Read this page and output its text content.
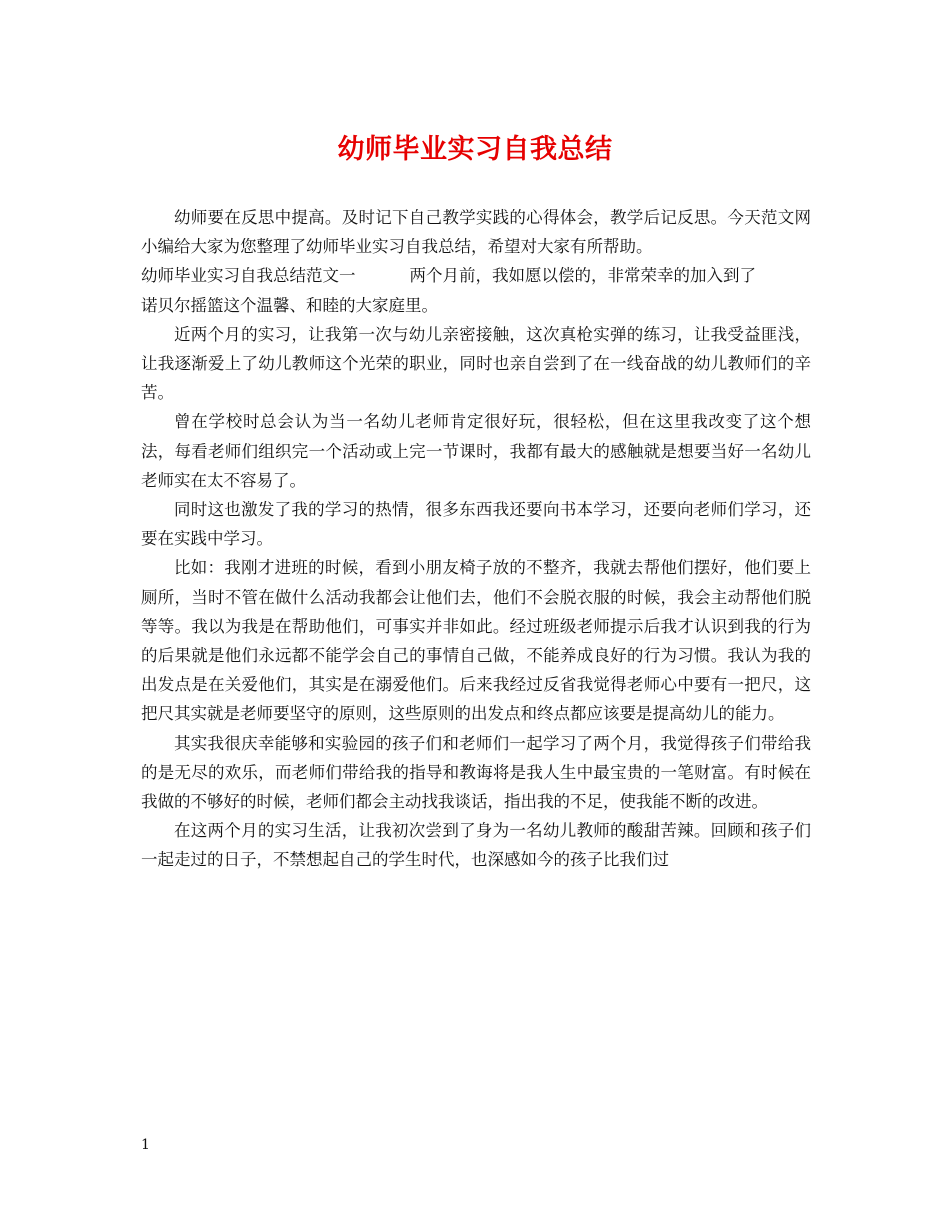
幼师毕业实习自我总结

幼师要在反思中提高。及时记下自己教学实践的心得体会，教学后记反思。今天范文网小编给大家为您整理了幼师毕业实习自我总结，希望对大家有所帮助。

幼师毕业实习自我总结范文一	两个月前，我如愿以偿的，非常荣幸的加入到了

诺贝尔摇篮这个温馨、和睦的大家庭里。

近两个月的实习，让我第一次与幼儿亲密接触，这次真枪实弹的练习，让我受益匪浅，让我逐渐爱上了幼儿教师这个光荣的职业，同时也亲自尝到了在一线奋战的幼儿教师们的辛苦。

曾在学校时总会认为当一名幼儿老师肯定很好玩，很轻松，但在这里我改变了这个想法，每看老师们组织完一个活动或上完一节课时，我都有最大的感触就是想要当好一名幼儿老师实在太不容易了。

同时这也激发了我的学习的热情，很多东西我还要向书本学习，还要向老师们学习，还要在实践中学习。

比如：我刚才进班的时候，看到小朋友椅子放的不整齐，我就去帮他们摆好，他们要上厕所，当时不管在做什么活动我都会让他们去，他们不会脱衣服的时候，我会主动帮他们脱等等。我以为我是在帮助他们，可事实并非如此。经过班级老师提示后我才认识到我的行为的后果就是他们永远都不能学会自己的事情自己做，不能养成良好的行为习惯。我认为我的出发点是在关爱他们，其实是在溺爱他们。后来我经过反省我觉得老师心中要有一把尺，这把尺其实就是老师要坚守的原则，这些原则的出发点和终点都应该要是提高幼儿的能力。

其实我很庆幸能够和实验园的孩子们和老师们一起学习了两个月，我觉得孩子们带给我的是无尽的欢乐，而老师们带给我的指导和教诲将是我人生中最宝贵的一笔财富。有时候在我做的不够好的时候，老师们都会主动找我谈话，指出我的不足，使我能不断的改进。

在这两个月的实习生活，让我初次尝到了身为一名幼儿教师的酸甜苦辣。回顾和孩子们一起走过的日子，不禁想起自己的学生时代，也深感如今的孩子比我们过

1
